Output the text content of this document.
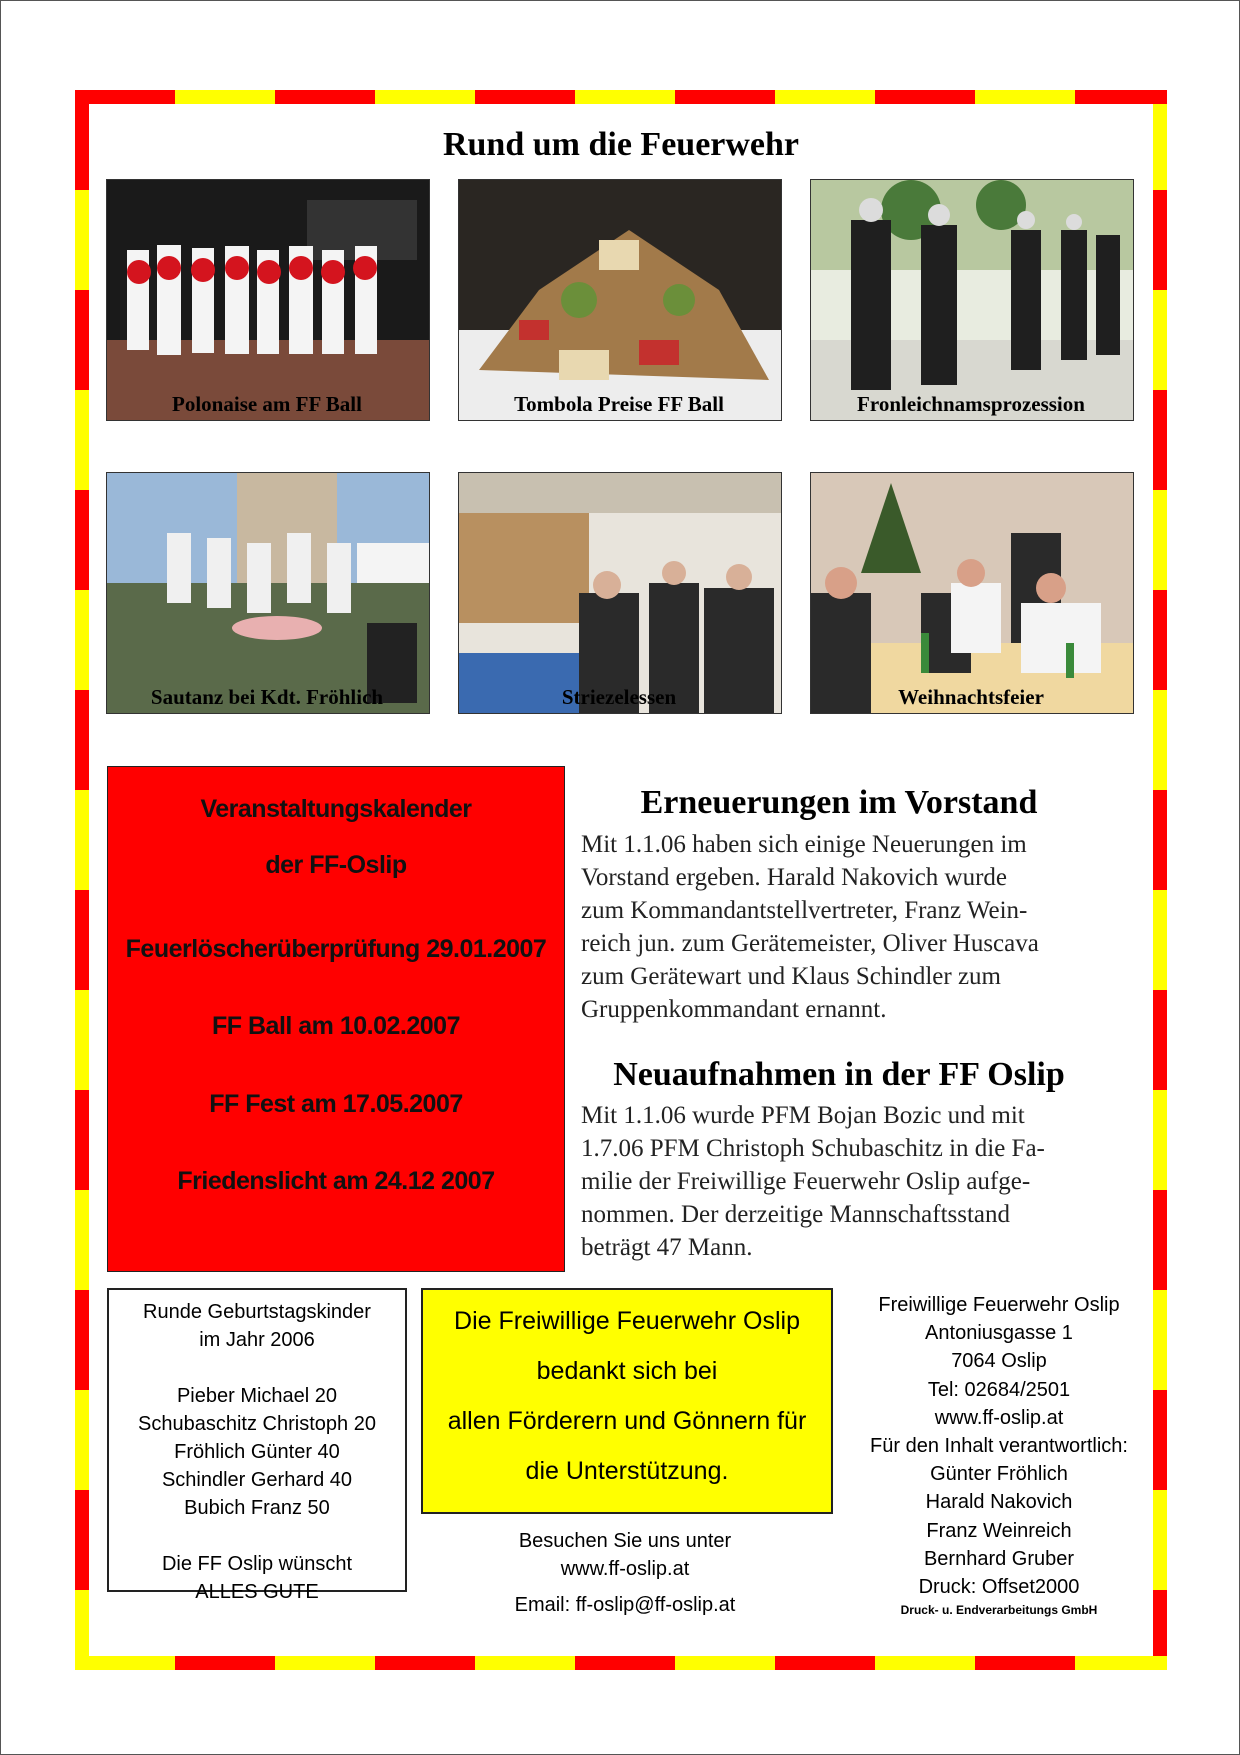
Rund um die Feuerwehr
Polonaise am FF Ball	Tombola Preise FF Ball	Fronleichnamsprozession
Sautanz bei Kdt. Fröhlich	Striezelessen	Weihnachtsfeier
Veranstaltungskalender
der FF-Oslip
Feuerlöscherüberprüfung 29.01.2007
FF Ball am 10.02.2007
FF Fest am 17.05.2007
Friedenslicht am 24.12 2007
Erneuerungen im Vorstand
Mit 1.1.06 haben sich einige Neuerungen im
Vorstand ergeben. Harald Nakovich wurde
zum Kommandantstellvertreter, Franz Wein-
reich jun. zum Gerätemeister, Oliver Huscava
zum Gerätewart und Klaus Schindler zum
Gruppenkommandant ernannt.
Neuaufnahmen in der FF Oslip
Mit 1.1.06 wurde PFM Bojan Bozic und mit
1.7.06 PFM Christoph Schubaschitz in die Fa-
milie der Freiwillige Feuerwehr Oslip aufge-
nommen. Der derzeitige Mannschaftsstand
beträgt 47 Mann.
Runde Geburtstagskinder
im Jahr 2006
Pieber Michael 20
Schubaschitz Christoph 20
Fröhlich Günter 40
Schindler Gerhard 40
Bubich Franz 50
Die FF Oslip wünscht
ALLES GUTE
Die Freiwillige Feuerwehr Oslip
bedankt sich bei
allen Förderern und Gönnern für
die Unterstützung.
Besuchen Sie uns unter
www.ff-oslip.at
Email: ff-oslip@ff-oslip.at
Freiwillige Feuerwehr Oslip
Antoniusgasse 1
7064 Oslip
Tel: 02684/2501
www.ff-oslip.at
Für den Inhalt verantwortlich:
Günter Fröhlich
Harald Nakovich
Franz Weinreich
Bernhard Gruber
Druck: Offset2000
Druck- u. Endverarbeitungs GmbH
